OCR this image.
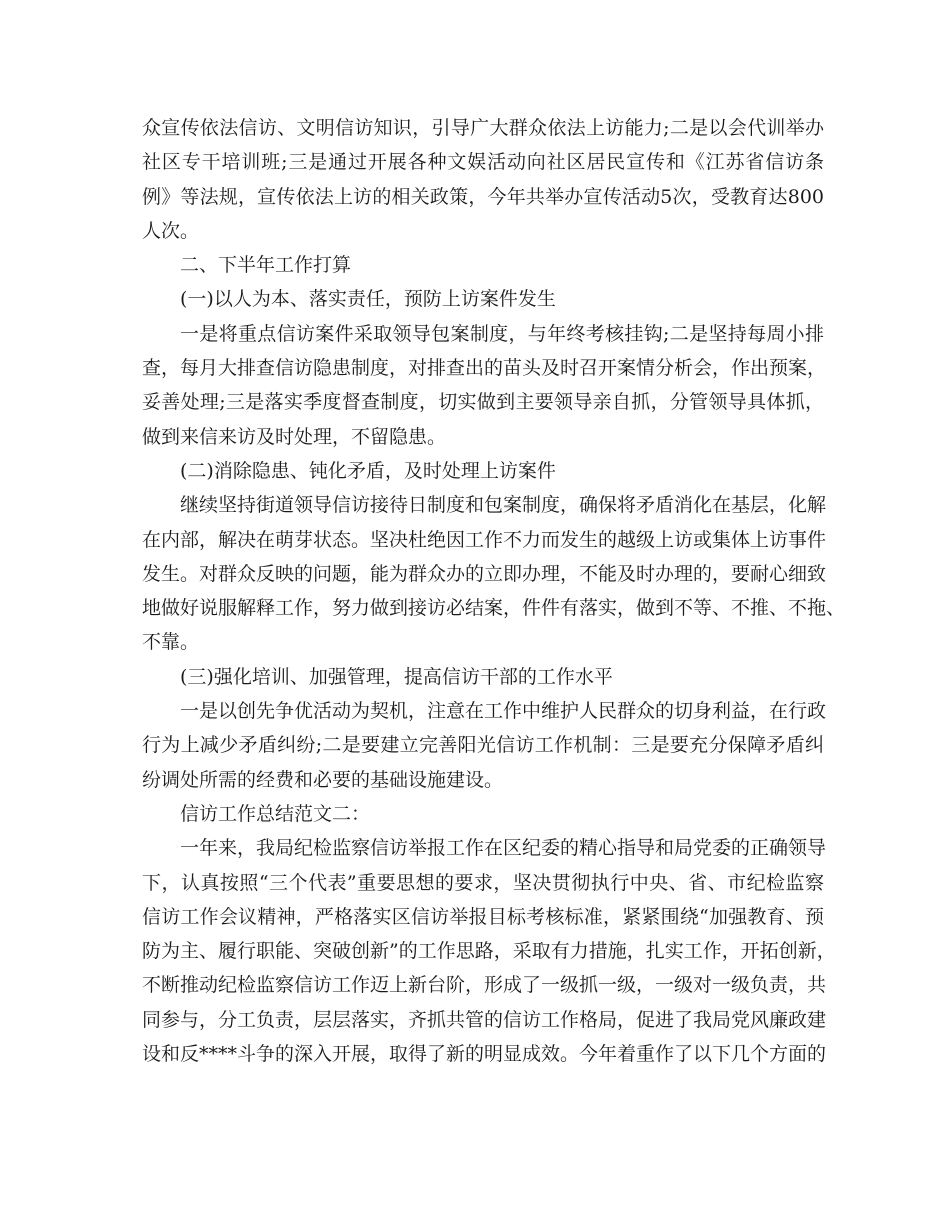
众宣传依法信访、文明信访知识，引导广大群众依法上访能力;二是以会代训举办
社区专干培训班;三是通过开展各种文娱活动向社区居民宣传和《江苏省信访条
例》等法规，宣传依法上访的相关政策，今年共举办宣传活动5次，受教育达800
人次。
二、下半年工作打算
(一)以人为本、落实责任，预防上访案件发生
一是将重点信访案件采取领导包案制度，与年终考核挂钩;二是坚持每周小排
查，每月大排查信访隐患制度，对排查出的苗头及时召开案情分析会，作出预案，
妥善处理;三是落实季度督查制度，切实做到主要领导亲自抓，分管领导具体抓，
做到来信来访及时处理，不留隐患。
(二)消除隐患、钝化矛盾，及时处理上访案件
继续坚持街道领导信访接待日制度和包案制度，确保将矛盾消化在基层，化解
在内部，解决在萌芽状态。坚决杜绝因工作不力而发生的越级上访或集体上访事件
发生。对群众反映的问题，能为群众办的立即办理，不能及时办理的，要耐心细致
地做好说服解释工作，努力做到接访必结案，件件有落实，做到不等、不推、不拖、
不靠。
(三)强化培训、加强管理，提高信访干部的工作水平
一是以创先争优活动为契机，注意在工作中维护人民群众的切身利益，在行政
行为上减少矛盾纠纷;二是要建立完善阳光信访工作机制：三是要充分保障矛盾纠
纷调处所需的经费和必要的基础设施建设。
信访工作总结范文二：
一年来，我局纪检监察信访举报工作在区纪委的精心指导和局党委的正确领导
下，认真按照“三个代表”重要思想的要求，坚决贯彻执行中央、省、市纪检监察
信访工作会议精神，严格落实区信访举报目标考核标准，紧紧围绕“加强教育、预
防为主、履行职能、突破创新”的工作思路，采取有力措施，扎实工作，开拓创新，
不断推动纪检监察信访工作迈上新台阶，形成了一级抓一级，一级对一级负责，共
同参与，分工负责，层层落实，齐抓共管的信访工作格局，促进了我局党风廉政建
设和反****斗争的深入开展，取得了新的明显成效。今年着重作了以下几个方面的
